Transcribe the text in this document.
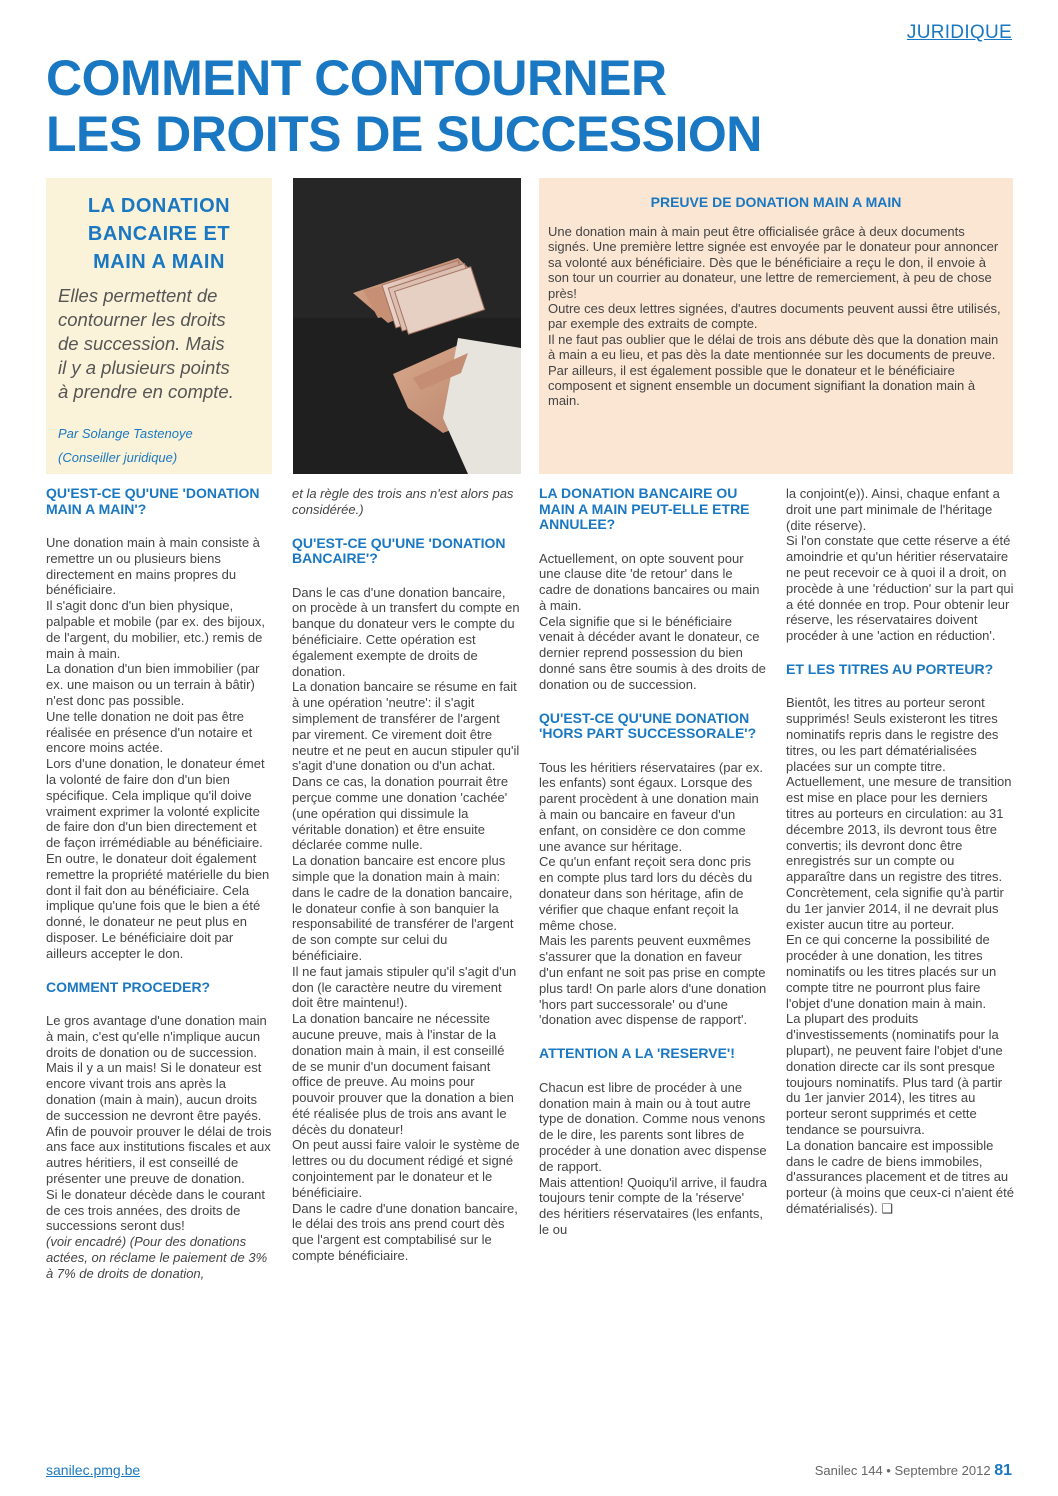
JURIDIQUE
COMMENT CONTOURNER
LES DROITS DE SUCCESSION
LA DONATION
BANCAIRE ET
MAIN A MAIN
Elles permettent de
contourner les droits
de succession. Mais
il y a plusieurs points
à prendre en compte.
Par Solange Tastenoye
(Conseiller juridique)
PREUVE DE DONATION MAIN A MAIN

Une donation main à main peut être officialisée grâce à deux documents signés. Une première lettre signée est envoyée par le donateur pour annoncer sa volonté aux bénéficiaire. Dès que le bénéficiaire a reçu le don, il envoie à son tour un courrier au donateur, une lettre de remerciement, à peu de chose près!

Outre ces deux lettres signées, d'autres documents peuvent aussi être utilisés, par exemple des extraits de compte.

Il ne faut pas oublier que le délai de trois ans débute dès que la donation main à main a eu lieu, et pas dès la date mentionnée sur les documents de preuve.

Par ailleurs, il est également possible que le donateur et le bénéficiaire composent et signent ensemble un document signifiant la donation main à main.

QU'EST-CE QU'UNE 'DONATION MAIN A MAIN'?

Une donation main à main consiste à remettre un ou plusieurs biens directement en mains propres du bénéficiaire.

Il s'agit donc d'un bien physique, palpable et mobile (par ex. des bijoux, de l'argent, du mobilier, etc.) remis de main à main.

La donation d'un bien immobilier (par ex. une maison ou un terrain à bâtir) n'est donc pas possible.

Une telle donation ne doit pas être réalisée en présence d'un notaire et encore moins actée.

Lors d'une donation, le donateur émet la volonté de faire don d'un bien spécifique. Cela implique qu'il doive vraiment exprimer la volonté explicite de faire don d'un bien directement et de façon irrémédiable au bénéficiaire.

En outre, le donateur doit également remettre la propriété matérielle du bien dont il fait don au bénéficiaire. Cela implique qu'une fois que le bien a été donné, le donateur ne peut plus en disposer. Le bénéficiaire doit par ailleurs accepter le don.

COMMENT PROCEDER?

Le gros avantage d'une donation main à main, c'est qu'elle n'implique aucun droits de donation ou de succession. Mais il y a un mais! Si le donateur est encore vivant trois ans après la donation (main à main), aucun droits de succession ne devront être payés.

Afin de pouvoir prouver le délai de trois ans face aux institutions fiscales et aux autres héritiers, il est conseillé de présenter une preuve de donation.

Si le donateur décède dans le courant de ces trois années, des droits de successions seront dus!

(voir encadré) (Pour des donations actées, on réclame le paiement de 3% à 7% de droits de donation,

et la règle des trois ans n'est alors pas considérée.)

QU'EST-CE QU'UNE 'DONATION BANCAIRE'?

Dans le cas d'une donation bancaire, on procède à un transfert du compte en banque du donateur vers le compte du bénéficiaire. Cette opération est également exempte de droits de donation.

La donation bancaire se résume en fait à une opération 'neutre': il s'agit simplement de transférer de l'argent par virement. Ce virement doit être neutre et ne peut en aucun stipuler qu'il s'agit d'une donation ou d'un achat. Dans ce cas, la donation pourrait être perçue comme une donation 'cachée' (une opération qui dissimule la véritable donation) et être ensuite déclarée comme nulle.

La donation bancaire est encore plus simple que la donation main à main: dans le cadre de la donation bancaire, le donateur confie à son banquier la responsabilité de transférer de l'argent de son compte sur celui du bénéficiaire.

Il ne faut jamais stipuler qu'il s'agit d'un don (le caractère neutre du virement doit être maintenu!).

La donation bancaire ne nécessite aucune preuve, mais à l'instar de la donation main à main, il est conseillé de se munir d'un document faisant office de preuve. Au moins pour pouvoir prouver que la donation a bien été réalisée plus de trois ans avant le décès du donateur!

On peut aussi faire valoir le système de lettres ou du document rédigé et signé conjointement par le donateur et le bénéficiaire.

Dans le cadre d'une donation bancaire, le délai des trois ans prend court dès que l'argent est comptabilisé sur le compte bénéficiaire.

LA DONATION BANCAIRE OU MAIN A MAIN PEUT-ELLE ETRE ANNULEE?

Actuellement, on opte souvent pour une clause dite 'de retour' dans le cadre de donations bancaires ou main à main.

Cela signifie que si le bénéficiaire venait à décéder avant le donateur, ce dernier reprend possession du bien donné sans être soumis à des droits de donation ou de succession.

QU'EST-CE QU'UNE DONATION 'HORS PART SUCCESSORALE'?

Tous les héritiers réservataires (par ex. les enfants) sont égaux. Lorsque des parent procèdent à une donation main à main ou bancaire en faveur d'un enfant, on considère ce don comme une avance sur héritage.

Ce qu'un enfant reçoit sera donc pris en compte plus tard lors du décès du donateur dans son héritage, afin de vérifier que chaque enfant reçoit la même chose.

Mais les parents peuvent euxmêmes s'assurer que la donation en faveur d'un enfant ne soit pas prise en compte plus tard! On parle alors d'une donation 'hors part successorale' ou d'une 'donation avec dispense de rapport'.

ATTENTION A LA 'RESERVE'!

Chacun est libre de procéder à une donation main à main ou à tout autre type de donation. Comme nous venons de le dire, les parents sont libres de procéder à une donation avec dispense de rapport.

Mais attention! Quoiqu'il arrive, il faudra toujours tenir compte de la 'réserve' des héritiers réservataires (les enfants, le ou

la conjoint(e)). Ainsi, chaque enfant a droit une part minimale de l'héritage (dite réserve).

Si l'on constate que cette réserve a été amoindrie et qu'un héritier réservataire ne peut recevoir ce à quoi il a droit, on procède à une 'réduction' sur la part qui a été donnée en trop. Pour obtenir leur réserve, les réservataires doivent procéder à une 'action en réduction'.

ET LES TITRES AU PORTEUR?

Bientôt, les titres au porteur seront supprimés! Seuls existeront les titres nominatifs repris dans le registre des titres, ou les part dématérialisées placées sur un compte titre.

Actuellement, une mesure de transition est mise en place pour les derniers titres au porteurs en circulation: au 31 décembre 2013, ils devront tous être convertis; ils devront donc être enregistrés sur un compte ou apparaître dans un registre des titres. Concrètement, cela signifie qu'à partir du 1er janvier 2014, il ne devrait plus exister aucun titre au porteur.

En ce qui concerne la possibilité de procéder à une donation, les titres nominatifs ou les titres placés sur un compte titre ne pourront plus faire l'objet d'une donation main à main.

La plupart des produits d'investissements (nominatifs pour la plupart), ne peuvent faire l'objet d'une donation directe car ils sont presque toujours nominatifs. Plus tard (à partir du 1er janvier 2014), les titres au porteur seront supprimés et cette tendance se poursuivra.

La donation bancaire est impossible dans le cadre de biens immobiles, d'assurances placement et de titres au porteur (à moins que ceux-ci n'aient été dématérialisés). ❑

sanilec.pmg.be	Sanilec 144 • Septembre 2012 81
